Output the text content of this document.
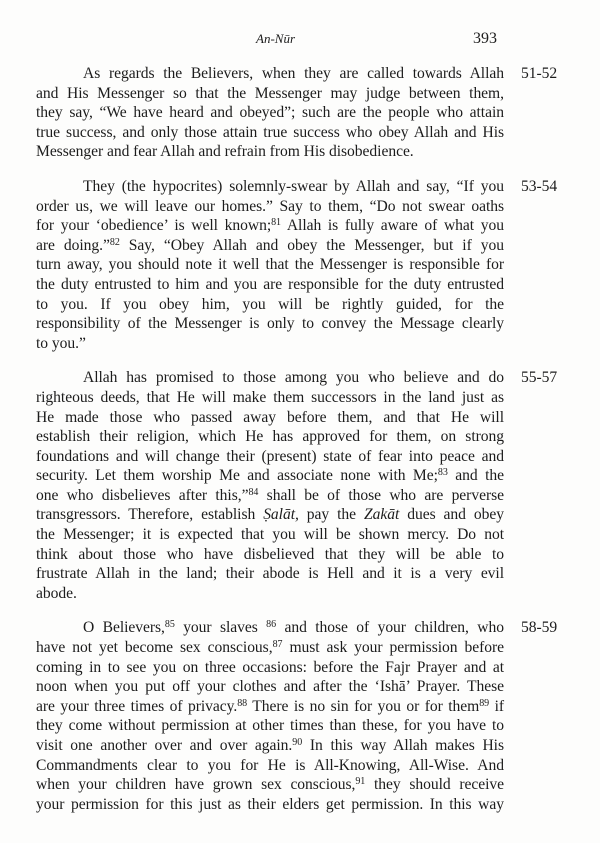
An-Nūr	393
51-52
As regards the Believers, when they are called towards Allah
and His Messenger so that the Messenger may judge between them,
they say, “We have heard and obeyed”; such are the people who attain
true success, and only those attain true success who obey Allah and His
Messenger and fear Allah and refrain from His disobedience.
53-54
They (the hypocrites) solemnly-swear by Allah and say, “If you
order us, we will leave our homes.” Say to them, “Do not swear oaths
for your ‘obedience’ is well known;$^{81}$ Allah is fully aware of what you
are doing.”$^{82}$ Say, “Obey Allah and obey the Messenger, but if you
turn away, you should note it well that the Messenger is responsible for
the duty entrusted to him and you are responsible for the duty entrusted
to you. If you obey him, you will be rightly guided, for the
responsibility of the Messenger is only to convey the Message clearly
to you.”
55-57
Allah has promised to those among you who believe and do
righteous deeds, that He will make them successors in the land just as
He made those who passed away before them, and that He will
establish their religion, which He has approved for them, on strong
foundations and will change their (present) state of fear into peace and
security. Let them worship Me and associate none with Me;$^{83}$ and the
one who disbelieves after this,”$^{84}$ shall be of those who are perverse
transgressors. Therefore, establish Ṣalāt, pay the Zakāt dues and obey
the Messenger; it is expected that you will be shown mercy. Do not
think about those who have disbelieved that they will be able to
frustrate Allah in the land; their abode is Hell and it is a very evil
abode.
58-59
O Believers,$^{85}$ your slaves $^{86}$ and those of your children, who
have not yet become sex conscious,$^{87}$ must ask your permission before
coming in to see you on three occasions: before the Fajr Prayer and at
noon when you put off your clothes and after the ‘Ishā’ Prayer. These
are your three times of privacy.$^{88}$ There is no sin for you or for them$^{89}$ if
they come without permission at other times than these, for you have to
visit one another over and over again.$^{90}$ In this way Allah makes His
Commandments clear to you for He is All-Knowing, All-Wise. And
when your children have grown sex conscious,$^{91}$ they should receive
your permission for this just as their elders get permission. In this way
